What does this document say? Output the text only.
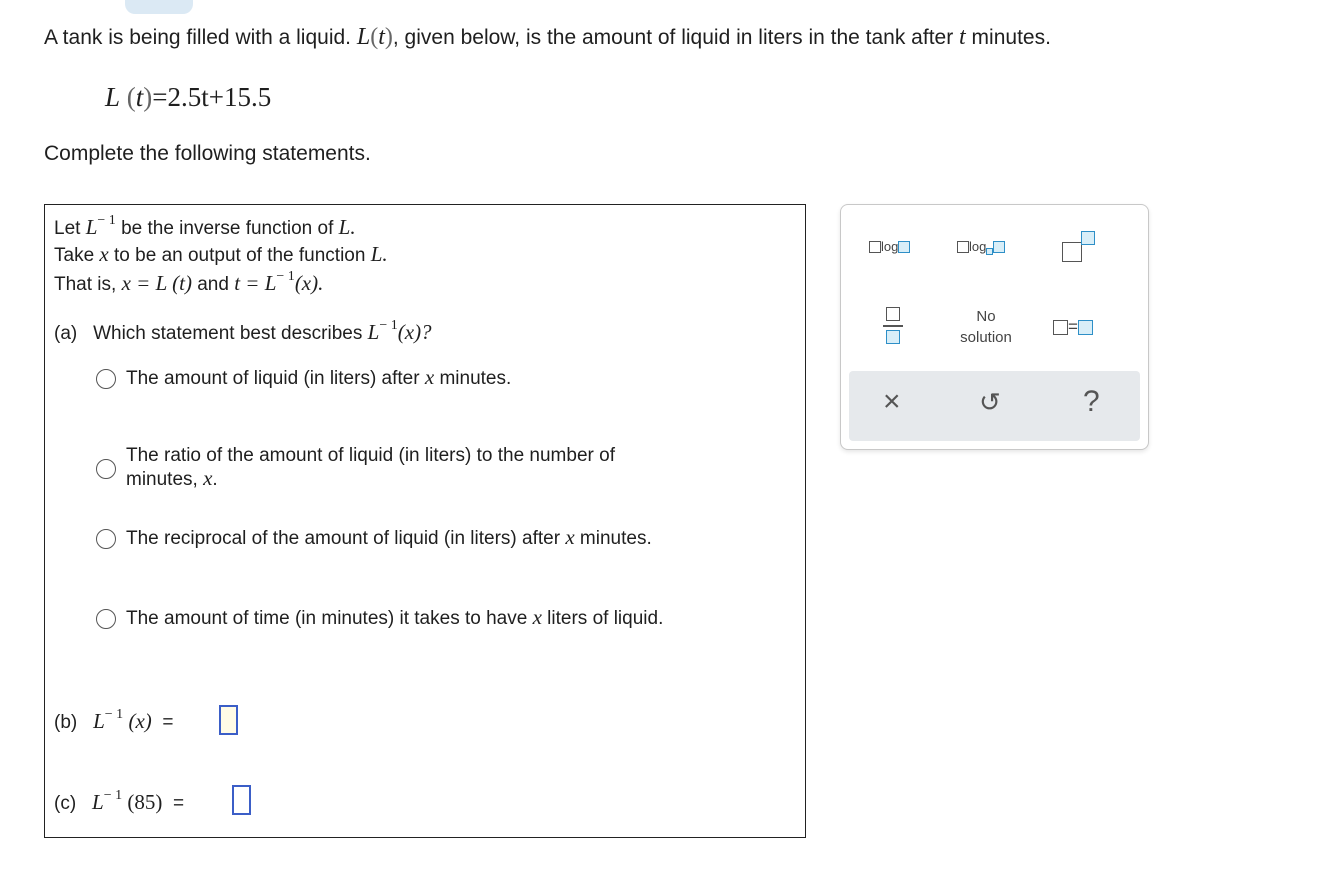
A tank is being filled with a liquid. L(t), given below, is the amount of liquid in liters in the tank after t minutes.
L (t)=2.5t+15.5
Complete the following statements.
Let $L^{- 1}$ be the inverse function of L.
Take x to be an output of the function L.
That is, x = L (t) and $t = L^{- 1}(x)$.
(a) Which statement best describes $L^{- 1}(x)$?
The amount of liquid (in liters) after x minutes.
The ratio of the amount of liquid (in liters) to the number of
minutes, x.
The reciprocal of the amount of liquid (in liters) after x minutes.
The amount of time (in minutes) it takes to have x liters of liquid.
(b) $L^{- 1}$ (x) =
(c) $L^{- 1}$ (85) =
log	log
No
solution
=
×	↺	?
